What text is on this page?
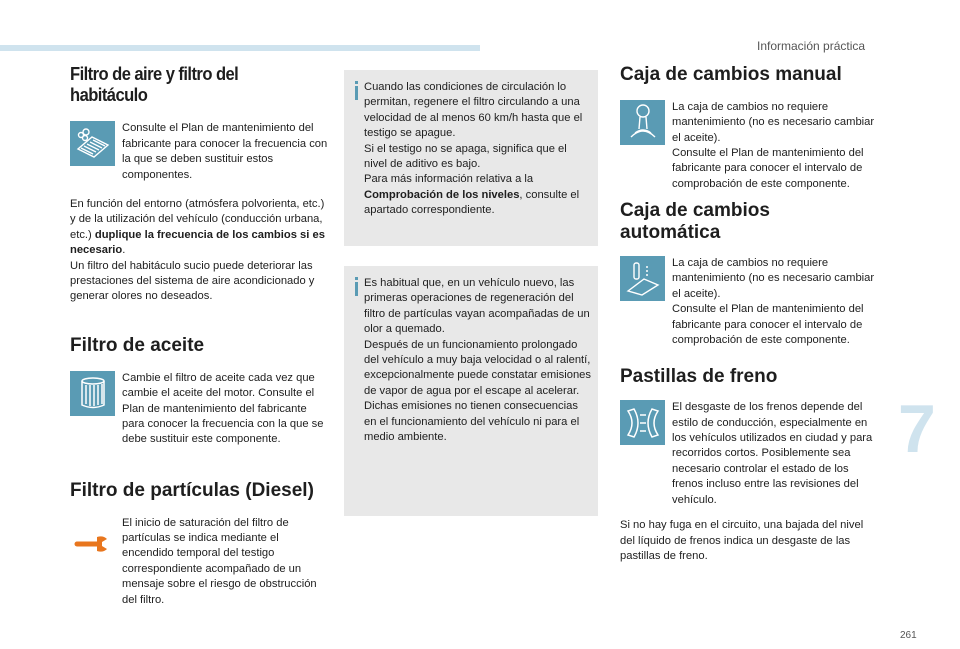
Información práctica
7
261
Filtro de aire y filtro del habitáculo

Consulte el Plan de mantenimiento del fabricante para conocer la frecuencia con la que se deben sustituir estos componentes.

En función del entorno (atmósfera polvorienta, etc.) y de la utilización del vehículo (conducción urbana, etc.) duplique la frecuencia de los cambios si es necesario.

Un filtro del habitáculo sucio puede deteriorar las prestaciones del sistema de aire acondicionado y generar olores no deseados.

Filtro de aceite

Cambie el filtro de aceite cada vez que cambie el aceite del motor. Consulte el Plan de mantenimiento del fabricante para conocer la frecuencia con la que se debe sustituir este componente.

Filtro de partículas (Diesel)

El inicio de saturación del filtro de partículas se indica mediante el encendido temporal del testigo correspondiente acompañado de un mensaje sobre el riesgo de obstrucción del filtro.

Cuando las condiciones de circulación lo permitan, regenere el filtro circulando a una velocidad de al menos 60 km/h hasta que el testigo se apague.

Si el testigo no se apaga, significa que el nivel de aditivo es bajo.

Para más información relativa a la Comprobación de los niveles, consulte el apartado correspondiente.

Es habitual que, en un vehículo nuevo, las primeras operaciones de regeneración del filtro de partículas vayan acompañadas de un olor a quemado.

Después de un funcionamiento prolongado del vehículo a muy baja velocidad o al ralentí, excepcionalmente puede constatar emisiones de vapor de agua por el escape al acelerar. Dichas emisiones no tienen consecuencias en el funcionamiento del vehículo ni para el medio ambiente.

Caja de cambios manual

La caja de cambios no requiere mantenimiento (no es necesario cambiar el aceite).

Consulte el Plan de mantenimiento del fabricante para conocer el intervalo de comprobación de este componente.

Caja de cambios automática

La caja de cambios no requiere mantenimiento (no es necesario cambiar el aceite).

Consulte el Plan de mantenimiento del fabricante para conocer el intervalo de comprobación de este componente.

Pastillas de freno

El desgaste de los frenos depende del estilo de conducción, especialmente en los vehículos utilizados en ciudad y para recorridos cortos. Posiblemente sea necesario controlar el estado de los frenos incluso entre las revisiones del vehículo.

Si no hay fuga en el circuito, una bajada del nivel del líquido de frenos indica un desgaste de las pastillas de freno.
